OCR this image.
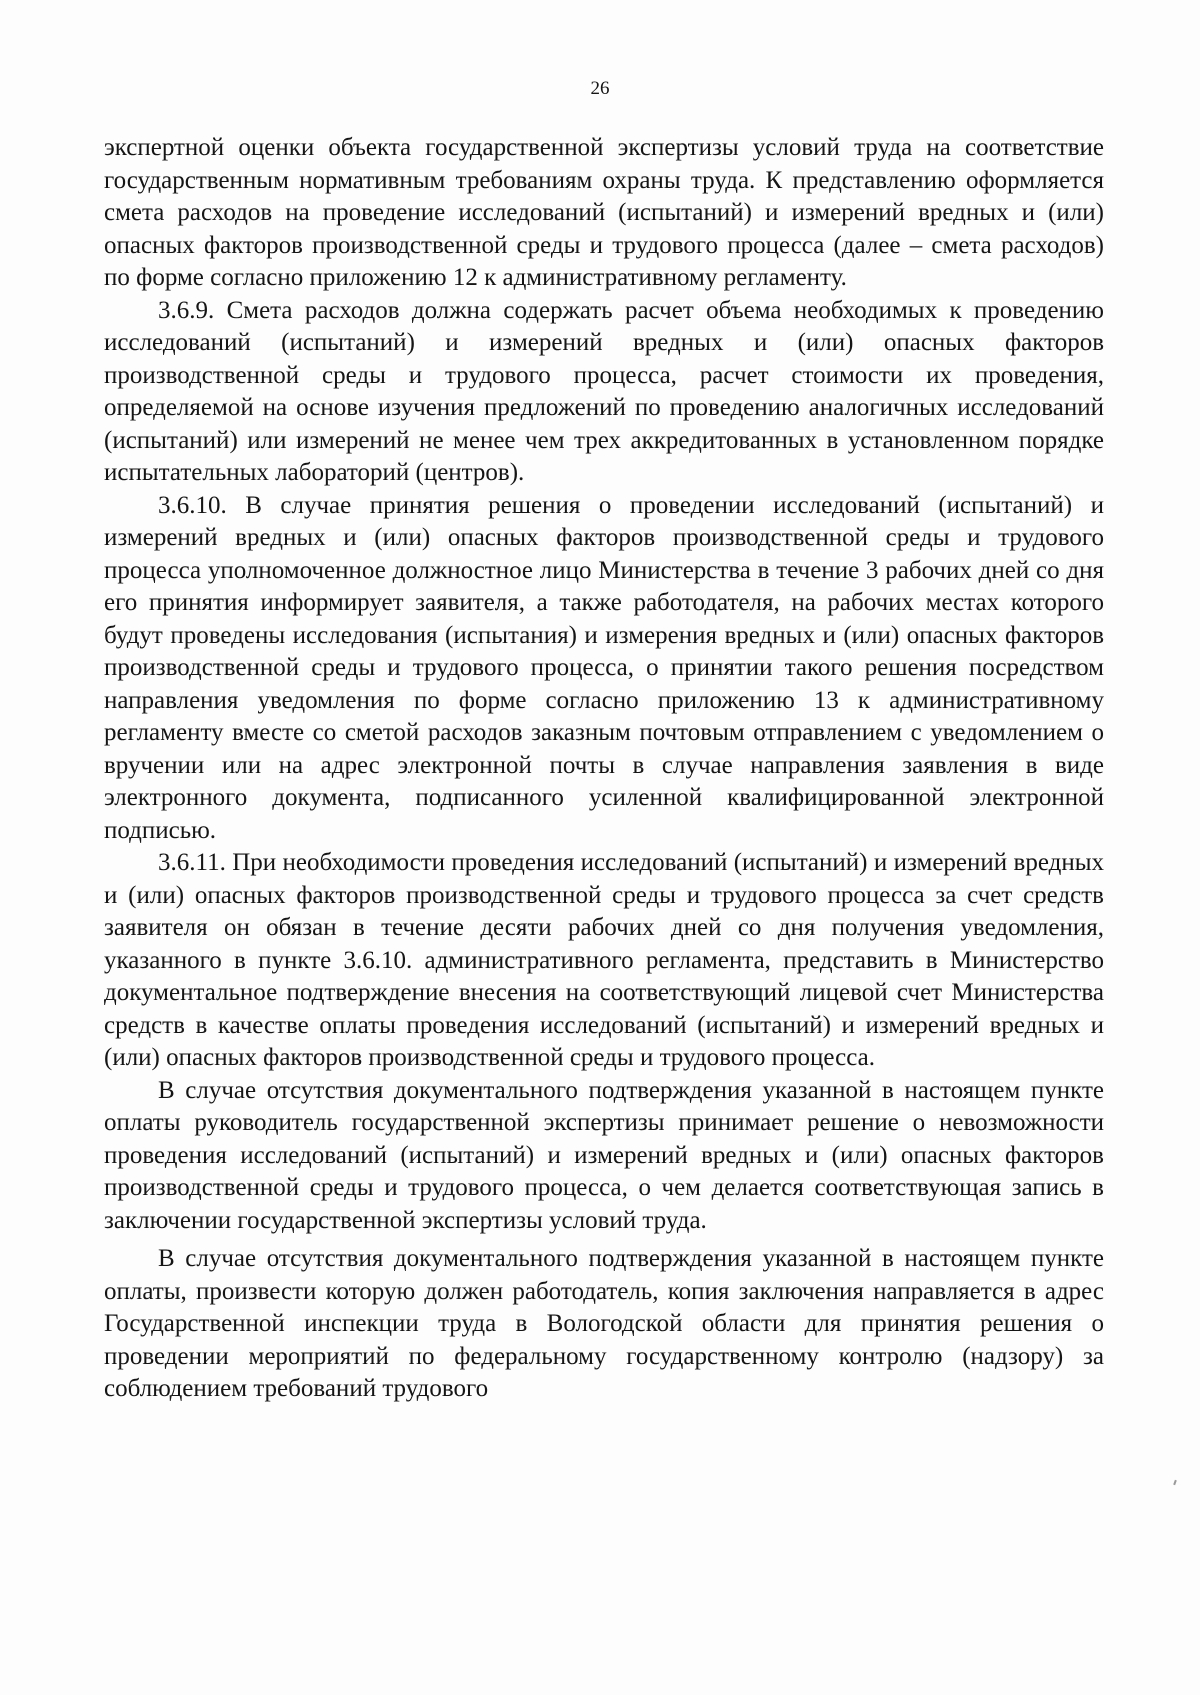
26

экспертной оценки объекта государственной экспертизы условий труда на соответствие государственным нормативным требованиям охраны труда. К представлению оформляется смета расходов на проведение исследований (испытаний) и измерений вредных и (или) опасных факторов производственной среды и трудового процесса (далее – смета расходов) по форме согласно приложению 12 к административному регламенту.

3.6.9. Смета расходов должна содержать расчет объема необходимых к проведению исследований (испытаний) и измерений вредных и (или) опасных факторов производственной среды и трудового процесса, расчет стоимости их проведения, определяемой на основе изучения предложений по проведению аналогичных исследований (испытаний) или измерений не менее чем трех аккредитованных в установленном порядке испытательных лабораторий (центров).

3.6.10. В случае принятия решения о проведении исследований (испытаний) и измерений вредных и (или) опасных факторов производственной среды и трудового процесса уполномоченное должностное лицо Министерства в течение 3 рабочих дней со дня его принятия информирует заявителя, а также работодателя, на рабочих местах которого будут проведены исследования (испытания) и измерения вредных и (или) опасных факторов производственной среды и трудового процесса, о принятии такого решения посредством направления уведомления по форме согласно приложению 13 к административному регламенту вместе со сметой расходов заказным почтовым отправлением с уведомлением о вручении или на адрес электронной почты в случае направления заявления в виде электронного документа, подписанного усиленной квалифицированной электронной подписью.

3.6.11. При необходимости проведения исследований (испытаний) и измерений вредных и (или) опасных факторов производственной среды и трудового процесса за счет средств заявителя он обязан в течение десяти рабочих дней со дня получения уведомления, указанного в пункте 3.6.10. административного регламента, представить в Министерство документальное подтверждение внесения на соответствующий лицевой счет Министерства средств в качестве оплаты проведения исследований (испытаний) и измерений вредных и (или) опасных факторов производственной среды и трудового процесса.

В случае отсутствия документального подтверждения указанной в настоящем пункте оплаты руководитель государственной экспертизы принимает решение о невозможности проведения исследований (испытаний) и измерений вредных и (или) опасных факторов производственной среды и трудового процесса, о чем делается соответствующая запись в заключении государственной экспертизы условий труда.

В случае отсутствия документального подтверждения указанной в настоящем пункте оплаты, произвести которую должен работодатель, копия заключения направляется в адрес Государственной инспекции труда в Вологодской области для принятия решения о проведении мероприятий по федеральному государственному контролю (надзору) за соблюдением требований трудового
